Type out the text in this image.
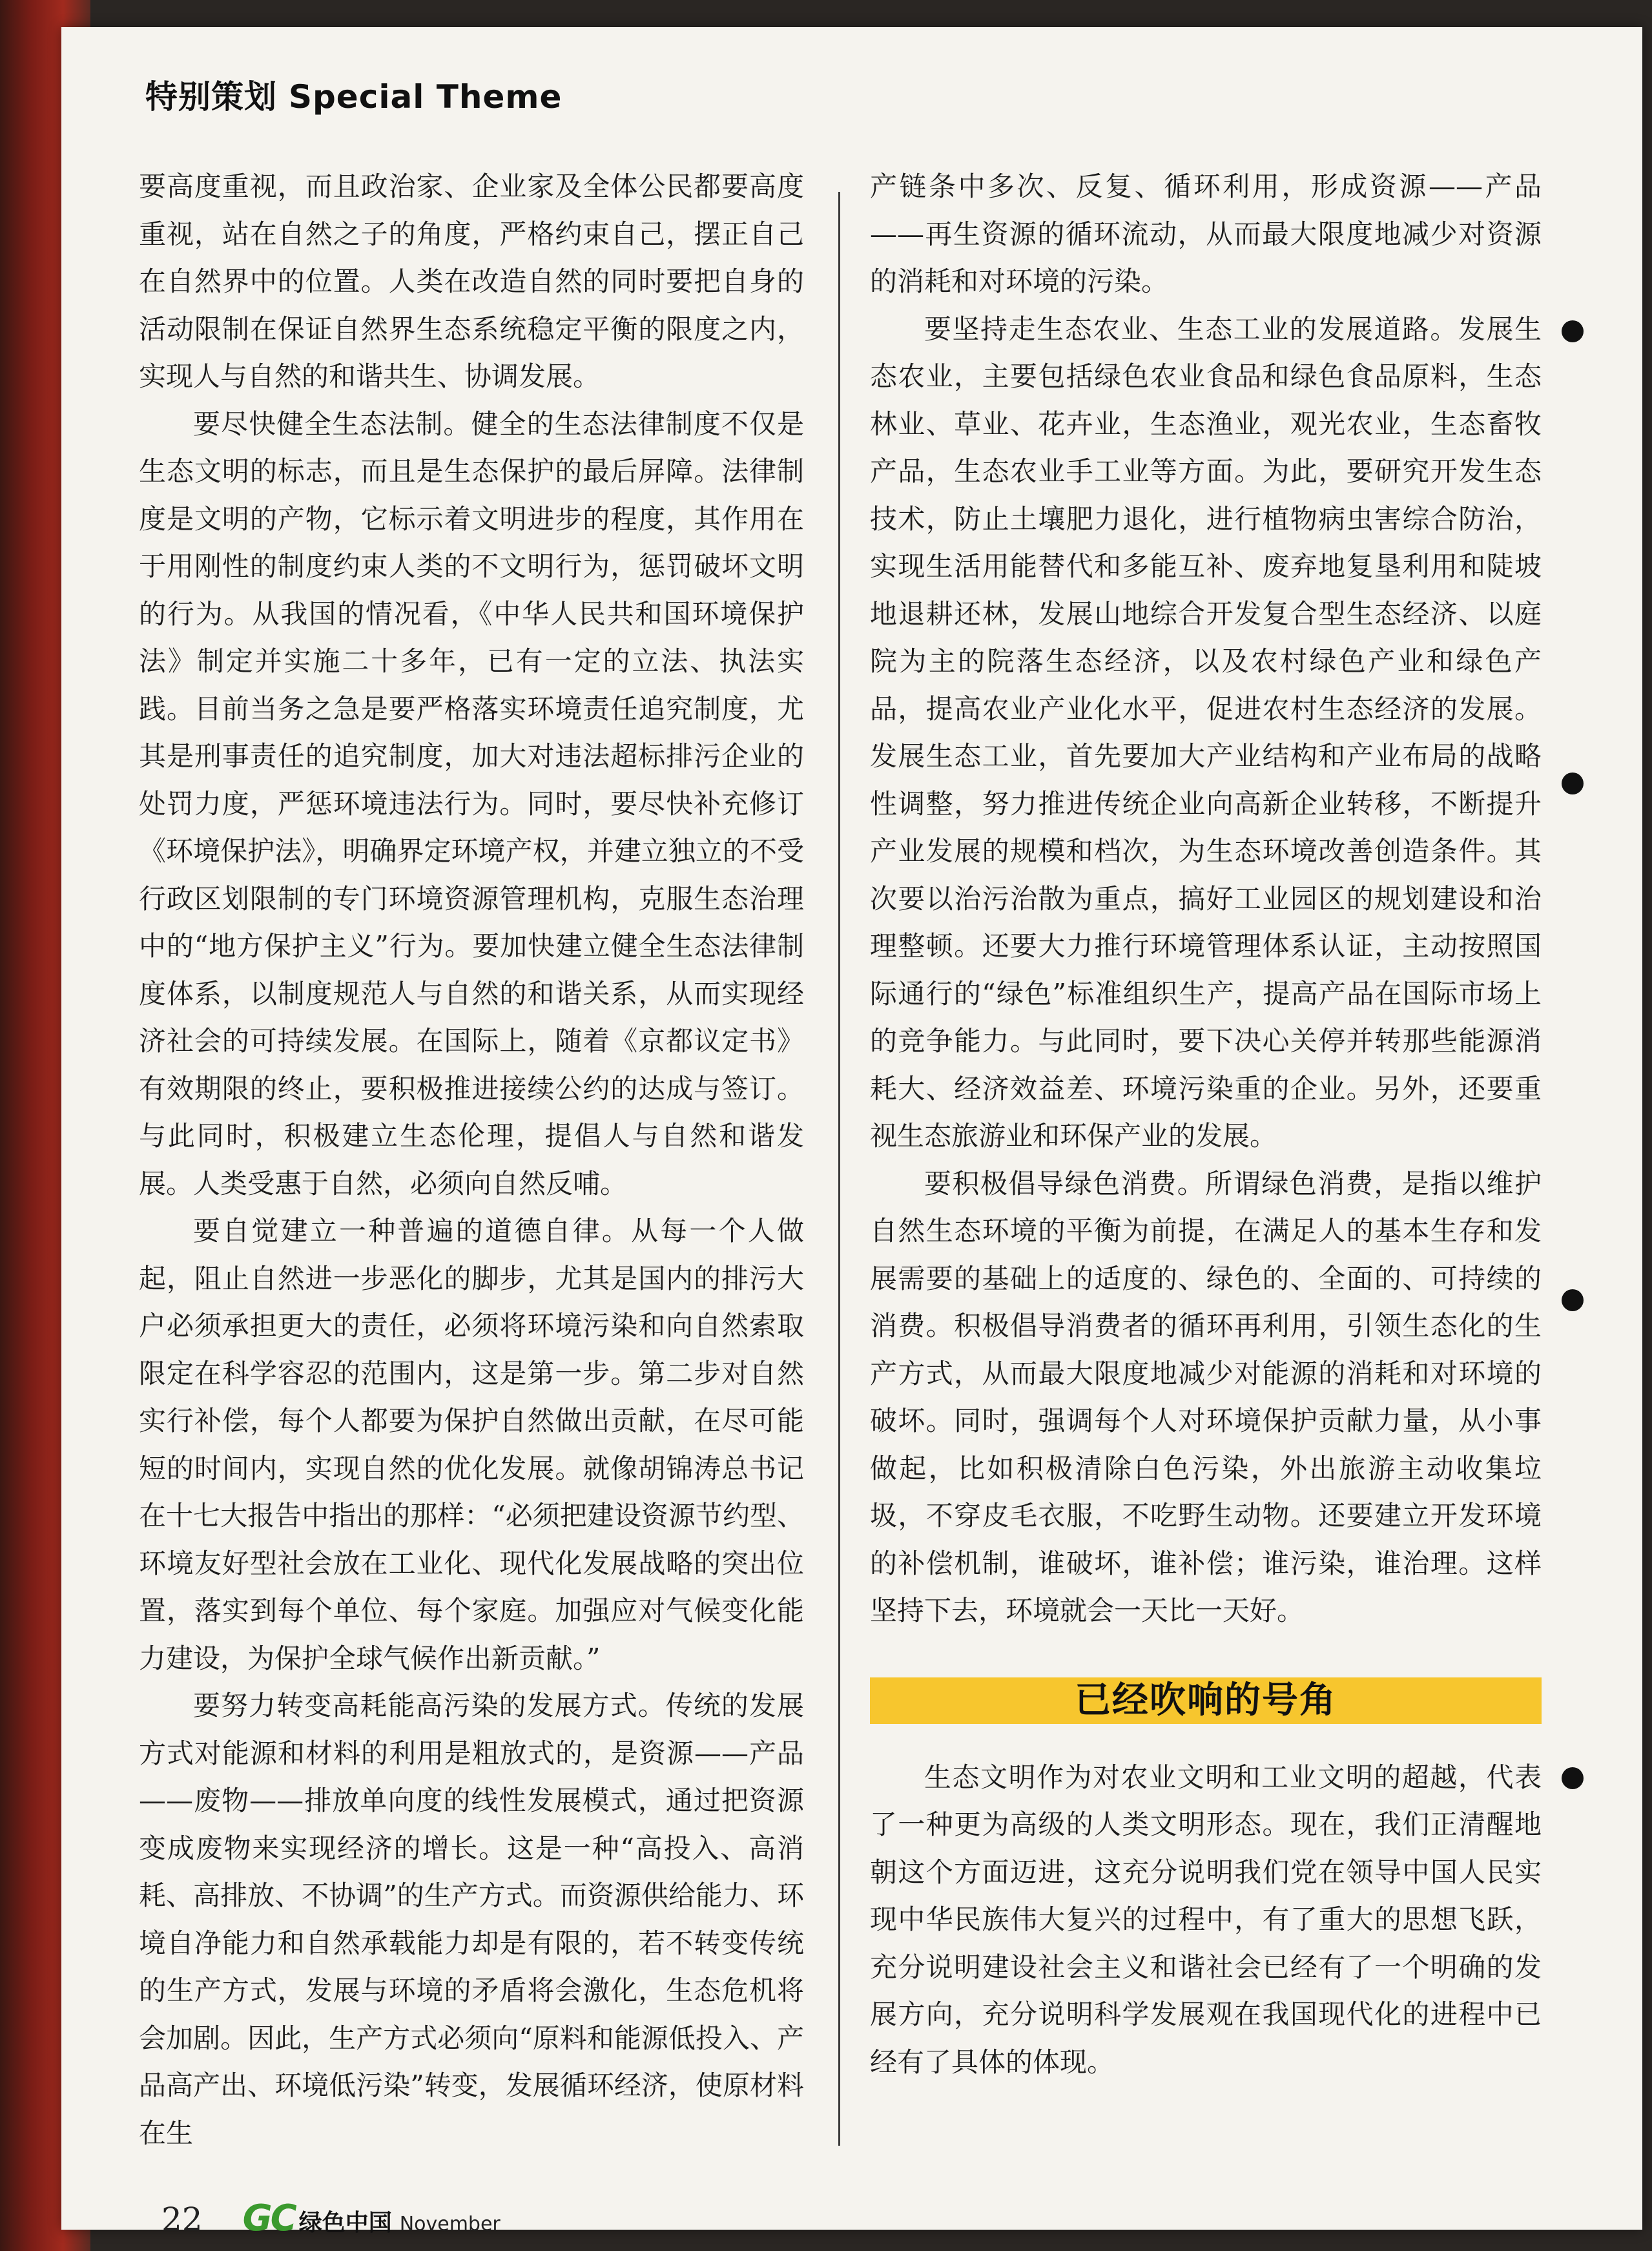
特别策划 Special Theme

要高度重视，而且政治家、企业家及全体公民都要高度重视，站在自然之子的角度，严格约束自己，摆正自己在自然界中的位置。人类在改造自然的同时要把自身的活动限制在保证自然界生态系统稳定平衡的限度之内，实现人与自然的和谐共生、协调发展。

要尽快健全生态法制。健全的生态法律制度不仅是生态文明的标志，而且是生态保护的最后屏障。法律制度是文明的产物，它标示着文明进步的程度，其作用在于用刚性的制度约束人类的不文明行为，惩罚破坏文明的行为。从我国的情况看，《中华人民共和国环境保护法》制定并实施二十多年，已有一定的立法、执法实践。目前当务之急是要严格落实环境责任追究制度，尤其是刑事责任的追究制度，加大对违法超标排污企业的处罚力度，严惩环境违法行为。同时，要尽快补充修订《环境保护法》，明确界定环境产权，并建立独立的不受行政区划限制的专门环境资源管理机构，克服生态治理中的“地方保护主义”行为。要加快建立健全生态法律制度体系，以制度规范人与自然的和谐关系，从而实现经济社会的可持续发展。在国际上，随着《京都议定书》有效期限的终止，要积极推进接续公约的达成与签订。与此同时，积极建立生态伦理，提倡人与自然和谐发展。人类受惠于自然，必须向自然反哺。

要自觉建立一种普遍的道德自律。从每一个人做起，阻止自然进一步恶化的脚步，尤其是国内的排污大户必须承担更大的责任，必须将环境污染和向自然索取限定在科学容忍的范围内，这是第一步。第二步对自然实行补偿，每个人都要为保护自然做出贡献，在尽可能短的时间内，实现自然的优化发展。就像胡锦涛总书记在十七大报告中指出的那样：“必须把建设资源节约型、环境友好型社会放在工业化、现代化发展战略的突出位置，落实到每个单位、每个家庭。加强应对气候变化能力建设，为保护全球气候作出新贡献。”

要努力转变高耗能高污染的发展方式。传统的发展方式对能源和材料的利用是粗放式的，是资源——产品——废物——排放单向度的线性发展模式，通过把资源变成废物来实现经济的增长。这是一种“高投入、高消耗、高排放、不协调”的生产方式。而资源供给能力、环境自净能力和自然承载能力却是有限的，若不转变传统的生产方式，发展与环境的矛盾将会激化，生态危机将会加剧。因此，生产方式必须向“原料和能源低投入、产品高产出、环境低污染”转变，发展循环经济，使原材料在生

产链条中多次、反复、循环利用，形成资源——产品——再生资源的循环流动，从而最大限度地减少对资源的消耗和对环境的污染。

要坚持走生态农业、生态工业的发展道路。发展生态农业，主要包括绿色农业食品和绿色食品原料，生态林业、草业、花卉业，生态渔业，观光农业，生态畜牧产品，生态农业手工业等方面。为此，要研究开发生态技术，防止土壤肥力退化，进行植物病虫害综合防治，实现生活用能替代和多能互补、废弃地复垦利用和陡坡地退耕还林，发展山地综合开发复合型生态经济、以庭院为主的院落生态经济，以及农村绿色产业和绿色产品，提高农业产业化水平，促进农村生态经济的发展。发展生态工业，首先要加大产业结构和产业布局的战略性调整，努力推进传统企业向高新企业转移，不断提升产业发展的规模和档次，为生态环境改善创造条件。其次要以治污治散为重点，搞好工业园区的规划建设和治理整顿。还要大力推行环境管理体系认证，主动按照国际通行的“绿色”标准组织生产，提高产品在国际市场上的竞争能力。与此同时，要下决心关停并转那些能源消耗大、经济效益差、环境污染重的企业。另外，还要重视生态旅游业和环保产业的发展。

要积极倡导绿色消费。所谓绿色消费，是指以维护自然生态环境的平衡为前提，在满足人的基本生存和发展需要的基础上的适度的、绿色的、全面的、可持续的消费。积极倡导消费者的循环再利用，引领生态化的生产方式，从而最大限度地减少对能源的消耗和对环境的破坏。同时，强调每个人对环境保护贡献力量，从小事做起，比如积极清除白色污染，外出旅游主动收集垃圾，不穿皮毛衣服，不吃野生动物。还要建立开发环境的补偿机制，谁破坏，谁补偿；谁污染，谁治理。这样坚持下去，环境就会一天比一天好。

已经吹响的号角

生态文明作为对农业文明和工业文明的超越，代表了一种更为高级的人类文明形态。现在，我们正清醒地朝这个方面迈进，这充分说明我们党在领导中国人民实现中华民族伟大复兴的过程中，有了重大的思想飞跃，充分说明建设社会主义和谐社会已经有了一个明确的发展方向，充分说明科学发展观在我国现代化的进程中已经有了具体的体现。

22 GC 绿色中国 November
